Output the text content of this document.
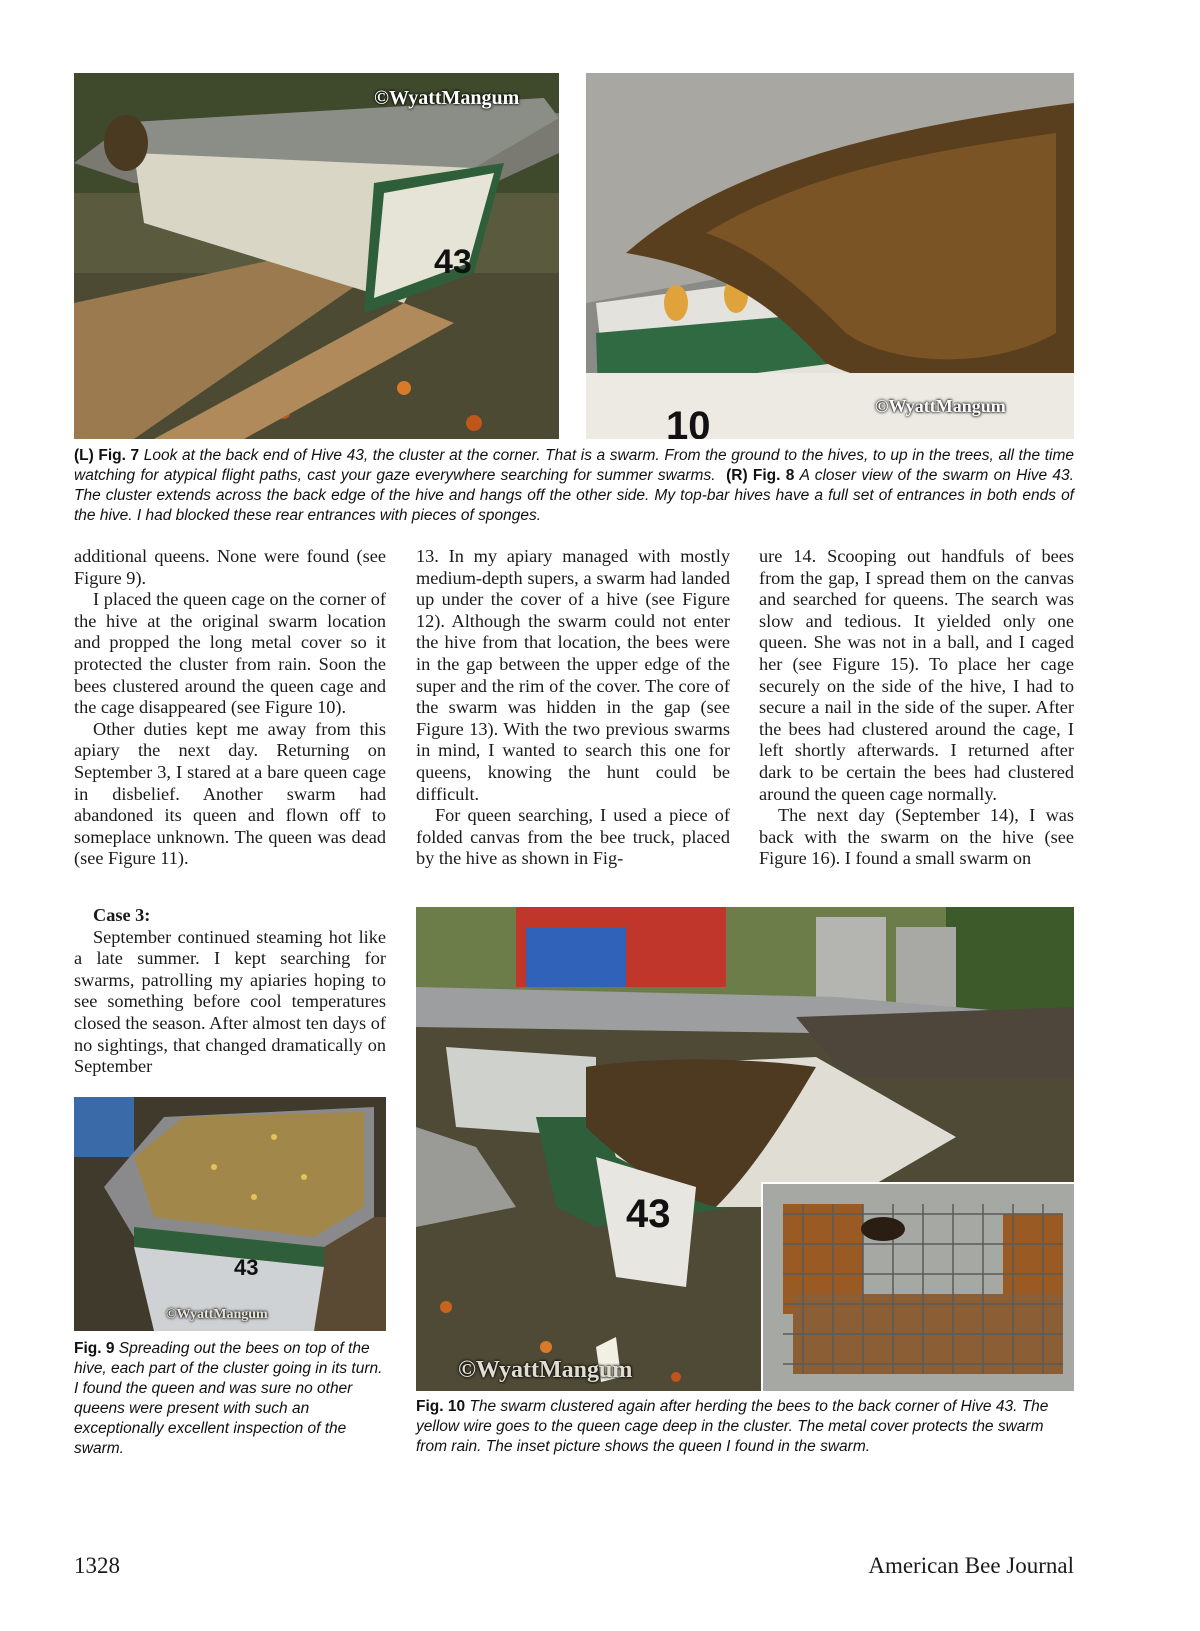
43
©WyattMangum
10	©WyattMangum
(L) Fig. 7 Look at the back end of Hive 43, the cluster at the corner. That is a swarm. From the ground to the hives, to up in the trees, all the time watching for atypical flight paths, cast your gaze everywhere searching for summer swarms. (R) Fig. 8 A closer view of the swarm on Hive 43. The cluster extends across the back edge of the hive and hangs off the other side. My top-bar hives have a full set of entrances in both ends of the hive. I had blocked these rear entrances with pieces of sponges.

additional queens. None were found (see Figure 9).

I placed the queen cage on the corner of the hive at the original swarm location and propped the long metal cover so it protected the cluster from rain. Soon the bees clustered around the queen cage and the cage disappeared (see Figure 10).

Other duties kept me away from this apiary the next day. Returning on September 3, I stared at a bare queen cage in disbelief. Another swarm had abandoned its queen and flown off to someplace unknown. The queen was dead (see Figure 11).

13. In my apiary managed with mostly medium-depth supers, a swarm had landed up under the cover of a hive (see Figure 12). Although the swarm could not enter the hive from that location, the bees were in the gap between the upper edge of the super and the rim of the cover. The core of the swarm was hidden in the gap (see Figure 13). With the two previous swarms in mind, I wanted to search this one for queens, knowing the hunt could be difficult.

For queen searching, I used a piece of folded canvas from the bee truck, placed by the hive as shown in Fig-

ure 14. Scooping out handfuls of bees from the gap, I spread them on the canvas and searched for queens. The search was slow and tedious. It yielded only one queen. She was not in a ball, and I caged her (see Figure 15). To place her cage securely on the side of the hive, I had to secure a nail in the side of the super. After the bees had clustered around the cage, I left shortly afterwards. I returned after dark to be certain the bees had clustered around the queen cage normally.

The next day (September 14), I was back with the swarm on the hive (see Figure 16). I found a small swarm on

Case 3:

September continued steaming hot like a late summer. I kept searching for swarms, patrolling my apiaries hoping to see something before cool temperatures closed the season. After almost ten days of no sightings, that changed dramatically on September

43
©WyattMangum
Fig. 9 Spreading out the bees on top of the hive, each part of the cluster going in its turn. I found the queen and was sure no other queens were present with such an exceptionally excellent inspection of the swarm.
43
©WyattMangum
Fig. 10 The swarm clustered again after herding the bees to the back corner of Hive 43. The yellow wire goes to the queen cage deep in the cluster. The metal cover protects the swarm from rain. The inset picture shows the queen I found in the swarm.
1328	American Bee Journal
